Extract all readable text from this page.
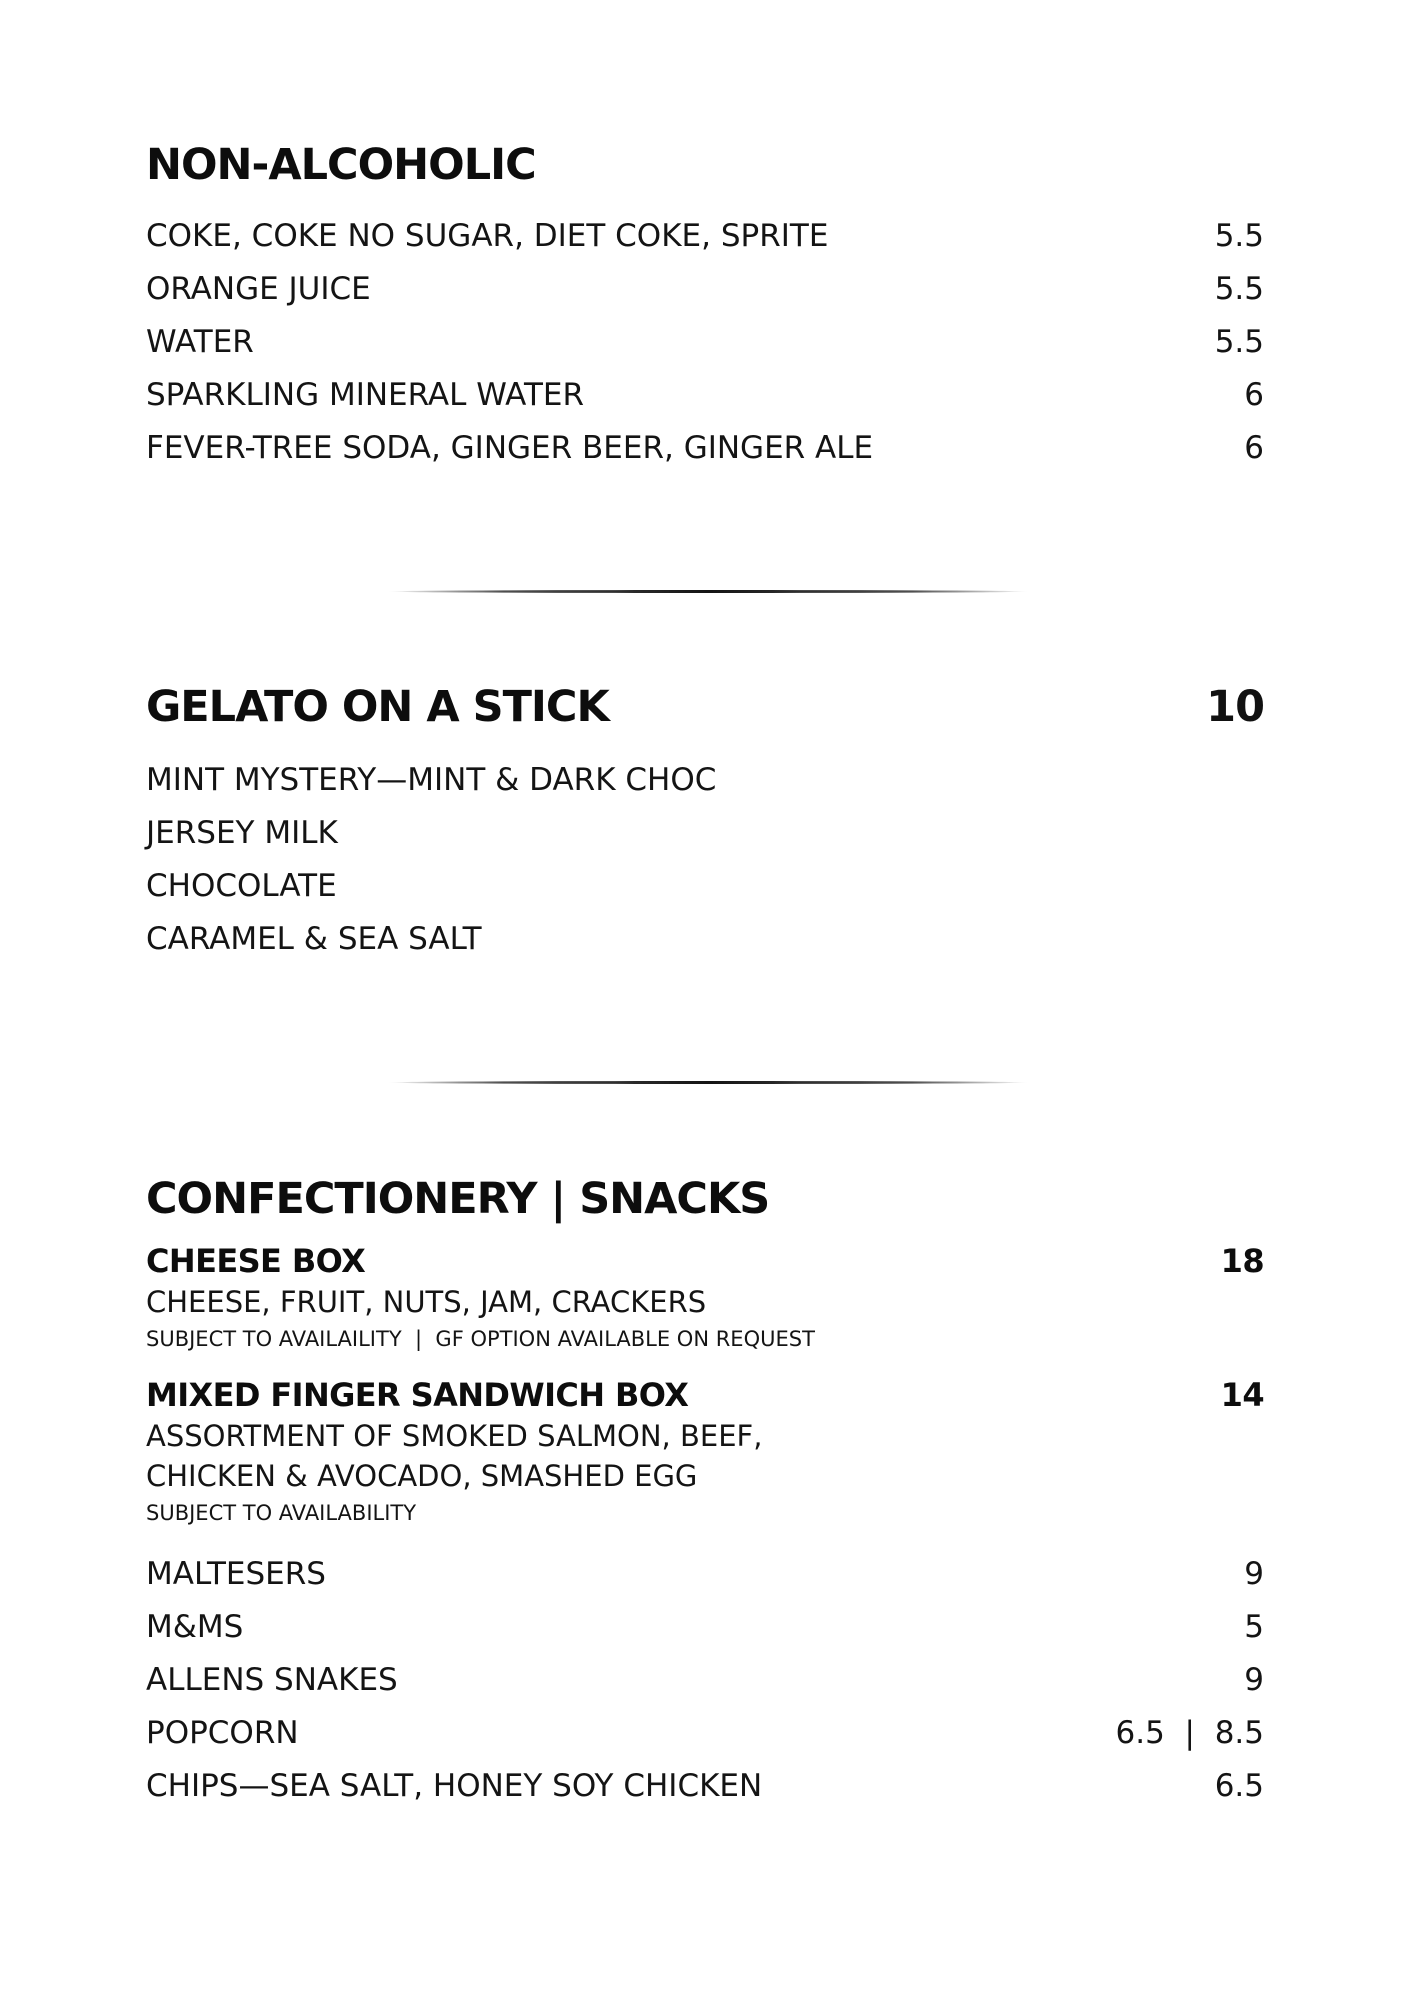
NON-ALCOHOLIC
COKE, COKE NO SUGAR, DIET COKE, SPRITE	5.5
ORANGE JUICE	5.5
WATER	5.5
SPARKLING MINERAL WATER	6
FEVER-TREE SODA, GINGER BEER, GINGER ALE	6
GELATO ON A STICK	10
MINT MYSTERY—MINT & DARK CHOC
JERSEY MILK
CHOCOLATE
CARAMEL & SEA SALT
CONFECTIONERY | SNACKS
CHEESE BOX	18
CHEESE, FRUIT, NUTS, JAM, CRACKERS
SUBJECT TO AVAILAILITY  |  GF OPTION AVAILABLE ON REQUEST
MIXED FINGER SANDWICH BOX	14
ASSORTMENT OF SMOKED SALMON, BEEF,
CHICKEN & AVOCADO, SMASHED EGG
SUBJECT TO AVAILABILITY
MALTESERS	9
M&MS	5
ALLENS SNAKES	9
POPCORN	6.5  |  8.5
CHIPS—SEA SALT, HONEY SOY CHICKEN	6.5
